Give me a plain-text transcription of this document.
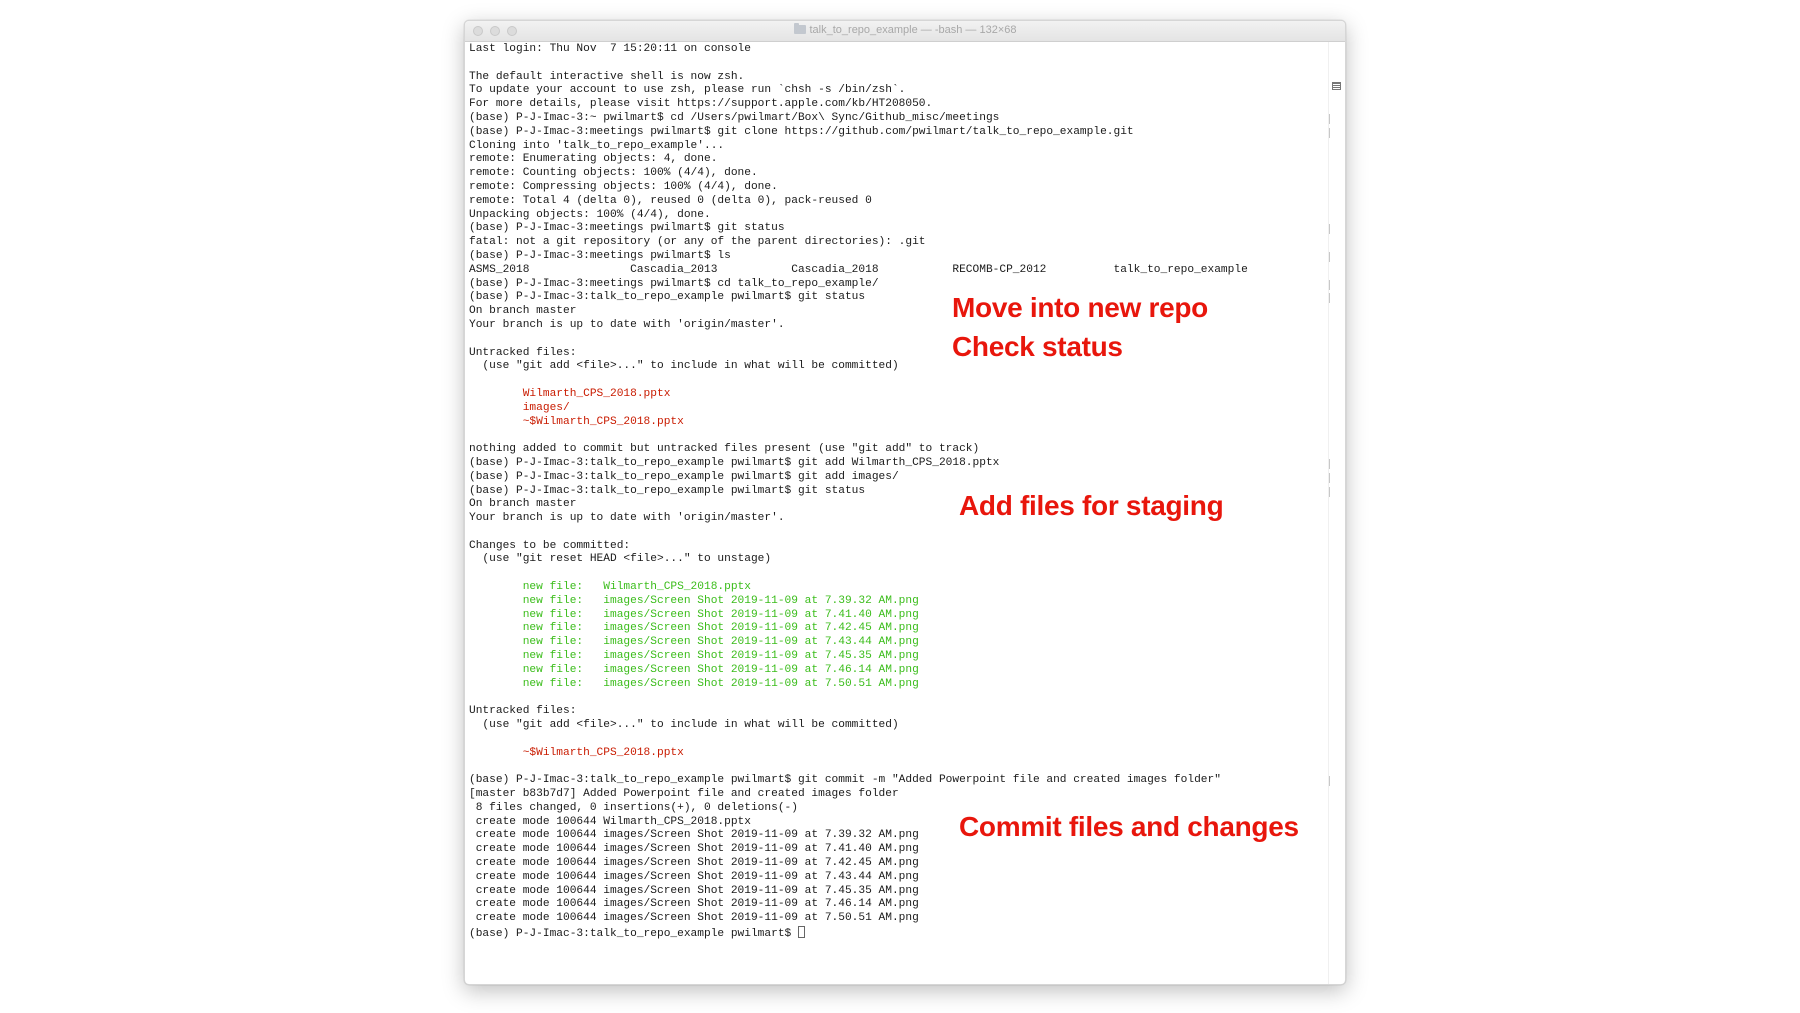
talk_to_repo_example — -bash — 132×68
Last login: Thu Nov  7 15:20:11 on console
The default interactive shell is now zsh.
To update your account to use zsh, please run `chsh -s /bin/zsh`.
For more details, please visit https://support.apple.com/kb/HT208050.
(base) P-J-Imac-3:~ pwilmart$ cd /Users/pwilmart/Box\ Sync/Github_misc/meetings
(base) P-J-Imac-3:meetings pwilmart$ git clone https://github.com/pwilmart/talk_to_repo_example.git
Cloning into 'talk_to_repo_example'...
remote: Enumerating objects: 4, done.
remote: Counting objects: 100% (4/4), done.
remote: Compressing objects: 100% (4/4), done.
remote: Total 4 (delta 0), reused 0 (delta 0), pack-reused 0
Unpacking objects: 100% (4/4), done.
(base) P-J-Imac-3:meetings pwilmart$ git status
fatal: not a git repository (or any of the parent directories): .git
(base) P-J-Imac-3:meetings pwilmart$ ls
ASMS_2018               Cascadia_2013           Cascadia_2018           RECOMB-CP_2012          talk_to_repo_example
(base) P-J-Imac-3:meetings pwilmart$ cd talk_to_repo_example/
(base) P-J-Imac-3:talk_to_repo_example pwilmart$ git status
On branch master
Your branch is up to date with 'origin/master'.
Untracked files:
(use "git add <file>..." to include in what will be committed)
Wilmarth_CPS_2018.pptx
images/
~$Wilmarth_CPS_2018.pptx
nothing added to commit but untracked files present (use "git add" to track)
(base) P-J-Imac-3:talk_to_repo_example pwilmart$ git add Wilmarth_CPS_2018.pptx
(base) P-J-Imac-3:talk_to_repo_example pwilmart$ git add images/
(base) P-J-Imac-3:talk_to_repo_example pwilmart$ git status
On branch master
Your branch is up to date with 'origin/master'.
Changes to be committed:
(use "git reset HEAD <file>..." to unstage)
new file:   Wilmarth_CPS_2018.pptx
new file:   images/Screen Shot 2019-11-09 at 7.39.32 AM.png
new file:   images/Screen Shot 2019-11-09 at 7.41.40 AM.png
new file:   images/Screen Shot 2019-11-09 at 7.42.45 AM.png
new file:   images/Screen Shot 2019-11-09 at 7.43.44 AM.png
new file:   images/Screen Shot 2019-11-09 at 7.45.35 AM.png
new file:   images/Screen Shot 2019-11-09 at 7.46.14 AM.png
new file:   images/Screen Shot 2019-11-09 at 7.50.51 AM.png
Untracked files:
(use "git add <file>..." to include in what will be committed)
~$Wilmarth_CPS_2018.pptx
(base) P-J-Imac-3:talk_to_repo_example pwilmart$ git commit -m "Added Powerpoint file and created images folder"
[master b83b7d7] Added Powerpoint file and created images folder
8 files changed, 0 insertions(+), 0 deletions(-)
create mode 100644 Wilmarth_CPS_2018.pptx
create mode 100644 images/Screen Shot 2019-11-09 at 7.39.32 AM.png
create mode 100644 images/Screen Shot 2019-11-09 at 7.41.40 AM.png
create mode 100644 images/Screen Shot 2019-11-09 at 7.42.45 AM.png
create mode 100644 images/Screen Shot 2019-11-09 at 7.43.44 AM.png
create mode 100644 images/Screen Shot 2019-11-09 at 7.45.35 AM.png
create mode 100644 images/Screen Shot 2019-11-09 at 7.46.14 AM.png
create mode 100644 images/Screen Shot 2019-11-09 at 7.50.51 AM.png
(base) P-J-Imac-3:talk_to_repo_example pwilmart$
Move into new repo
Check status
Add files for staging
Commit files and changes
